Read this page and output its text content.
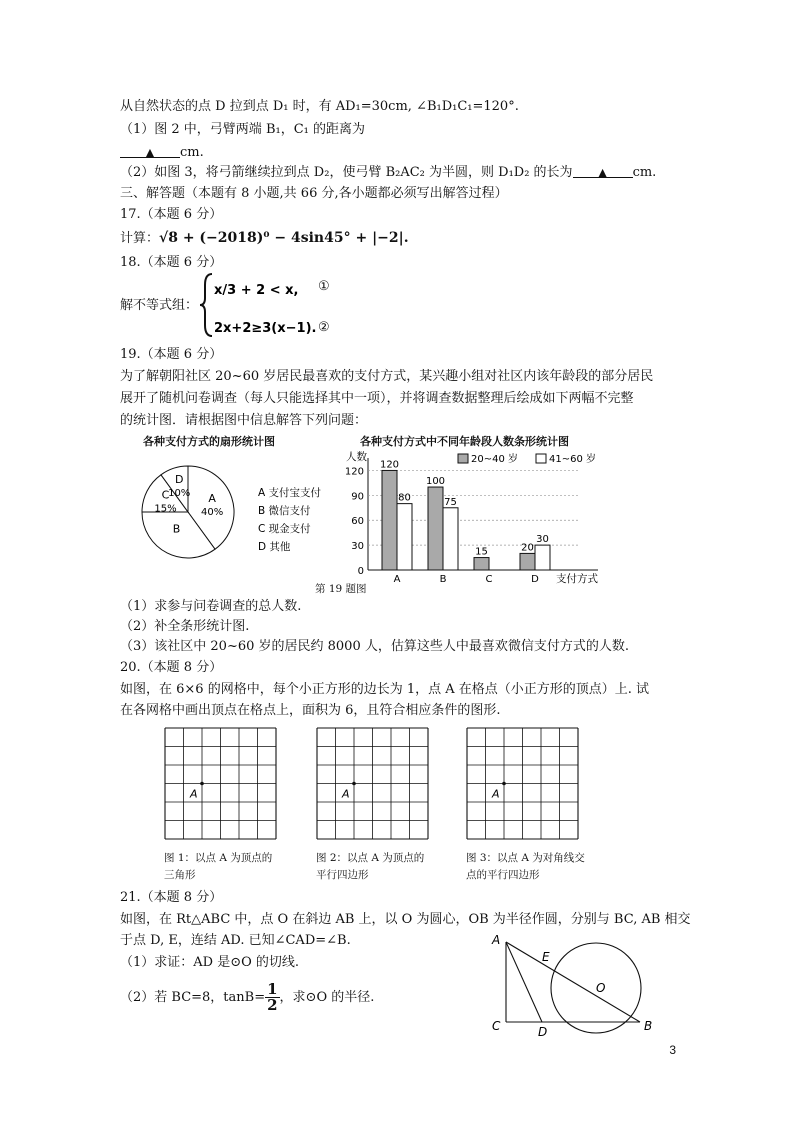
从自然状态的点 D 拉到点 D₁ 时，有 AD₁=30cm, ∠B₁D₁C₁=120°.
（1）图 2 中，弓臂两端 B₁，C₁ 的距离为
▲ cm.
（2）如图 3，将弓箭继续拉到点 D₂，使弓臂 B₂AC₂ 为半圆，则 D₁D₂ 的长为 ▲ cm.
三、解答题（本题有 8 小题,共 66 分,各小题都必须写出解答过程）
17.（本题 6 分）
计算：√8 + (−2018)⁰ − 4sin45° + |−2|.
18.（本题 6 分）
解不等式组：
x/3 + 2 < x,
2x+2≥3(x−1).
①
②
19.（本题 6 分）
为了解朝阳社区 20~60 岁居民最喜欢的支付方式，某兴趣小组对社区内该年龄段的部分居民
展开了随机问卷调查（每人只能选择其中一项），并将调查数据整理后绘成如下两幅不完整
的统计图．请根据图中信息解答下列问题：
各种支付方式的扇形统计图	各种支付方式中不同年龄段人数条形统计图
A
40%
B
C
15%
D
10%	A 支付宝支付
B 微信支付
C 现金支付
D 其他
人数
支付方式
0
30
60
90
120
120
80
A
100
75
B
15
C
20
30
D
20~40 岁	41~60 岁
第 19 题图
（1）求参与问卷调查的总人数.
（2）补全条形统计图.
（3）该社区中 20~60 岁的居民约 8000 人，估算这些人中最喜欢微信支付方式的人数.
20.（本题 8 分）
如图，在 6×6 的网格中，每个小正方形的边长为 1，点 A 在格点（小正方形的顶点）上. 试
在各网格中画出顶点在格点上，面积为 6，且符合相应条件的图形.
A	A	A
图 1：以点 A 为顶点的
三角形
图 2：以点 A 为顶点的
平行四边形
图 3：以点 A 为对角线交
点的平行四边形
21.（本题 8 分）
如图，在 Rt△ABC 中，点 O 在斜边 AB 上，以 O 为圆心，OB 为半径作圆，分别与 BC, AB 相交
于点 D, E，连结 AD. 已知∠CAD=∠B.
（1）求证：AD 是⊙O 的切线.
（2）若 BC=8，$\tan B= \frac{1}{2}$ ，求⊙O 的半径.
A
C	B
D
E
O
3
